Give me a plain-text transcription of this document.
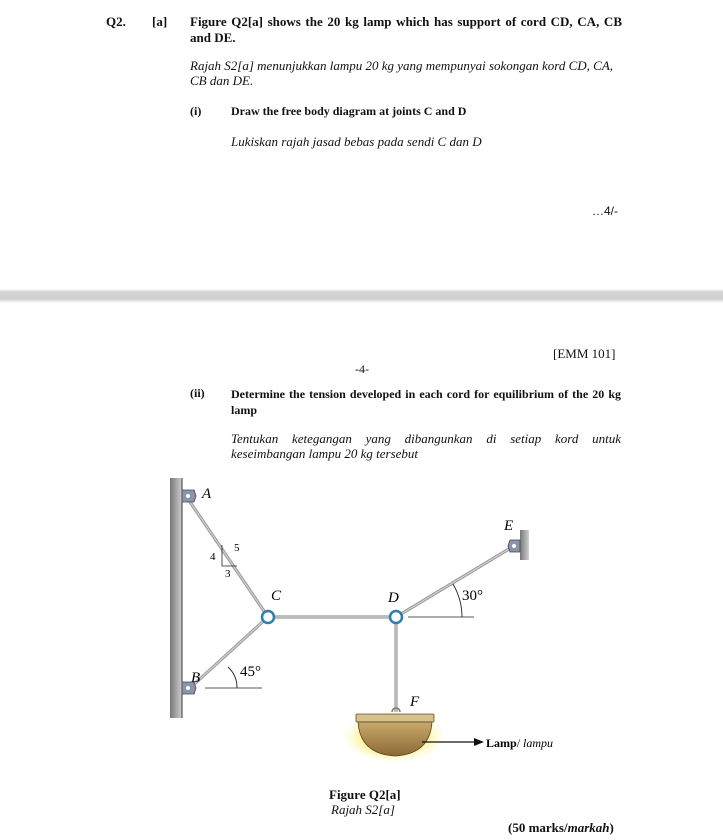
Q2. [a] Figure Q2[a] shows the 20 kg lamp which has support of cord CD, CA, CB and DE.
Rajah S2[a] menunjukkan lampu 20 kg yang mempunyai sokongan kord CD, CA, CB dan DE.
(i) Draw the free body diagram at joints C and D
Lukiskan rajah jasad bebas pada sendi C dan D
…4/-
[EMM 101]
-4-
(ii) Determine the tension developed in each cord for equilibrium of the 20 kg lamp
Tentukan ketegangan yang dibangunkan di setiap kord untuk keseimbangan lampu 20 kg tersebut
A
B
C	D
E
F
4
5
3
45°
30°
Lamp/ lampu
Figure Q2[a]
Rajah S2[a]
(50 marks/markah)
